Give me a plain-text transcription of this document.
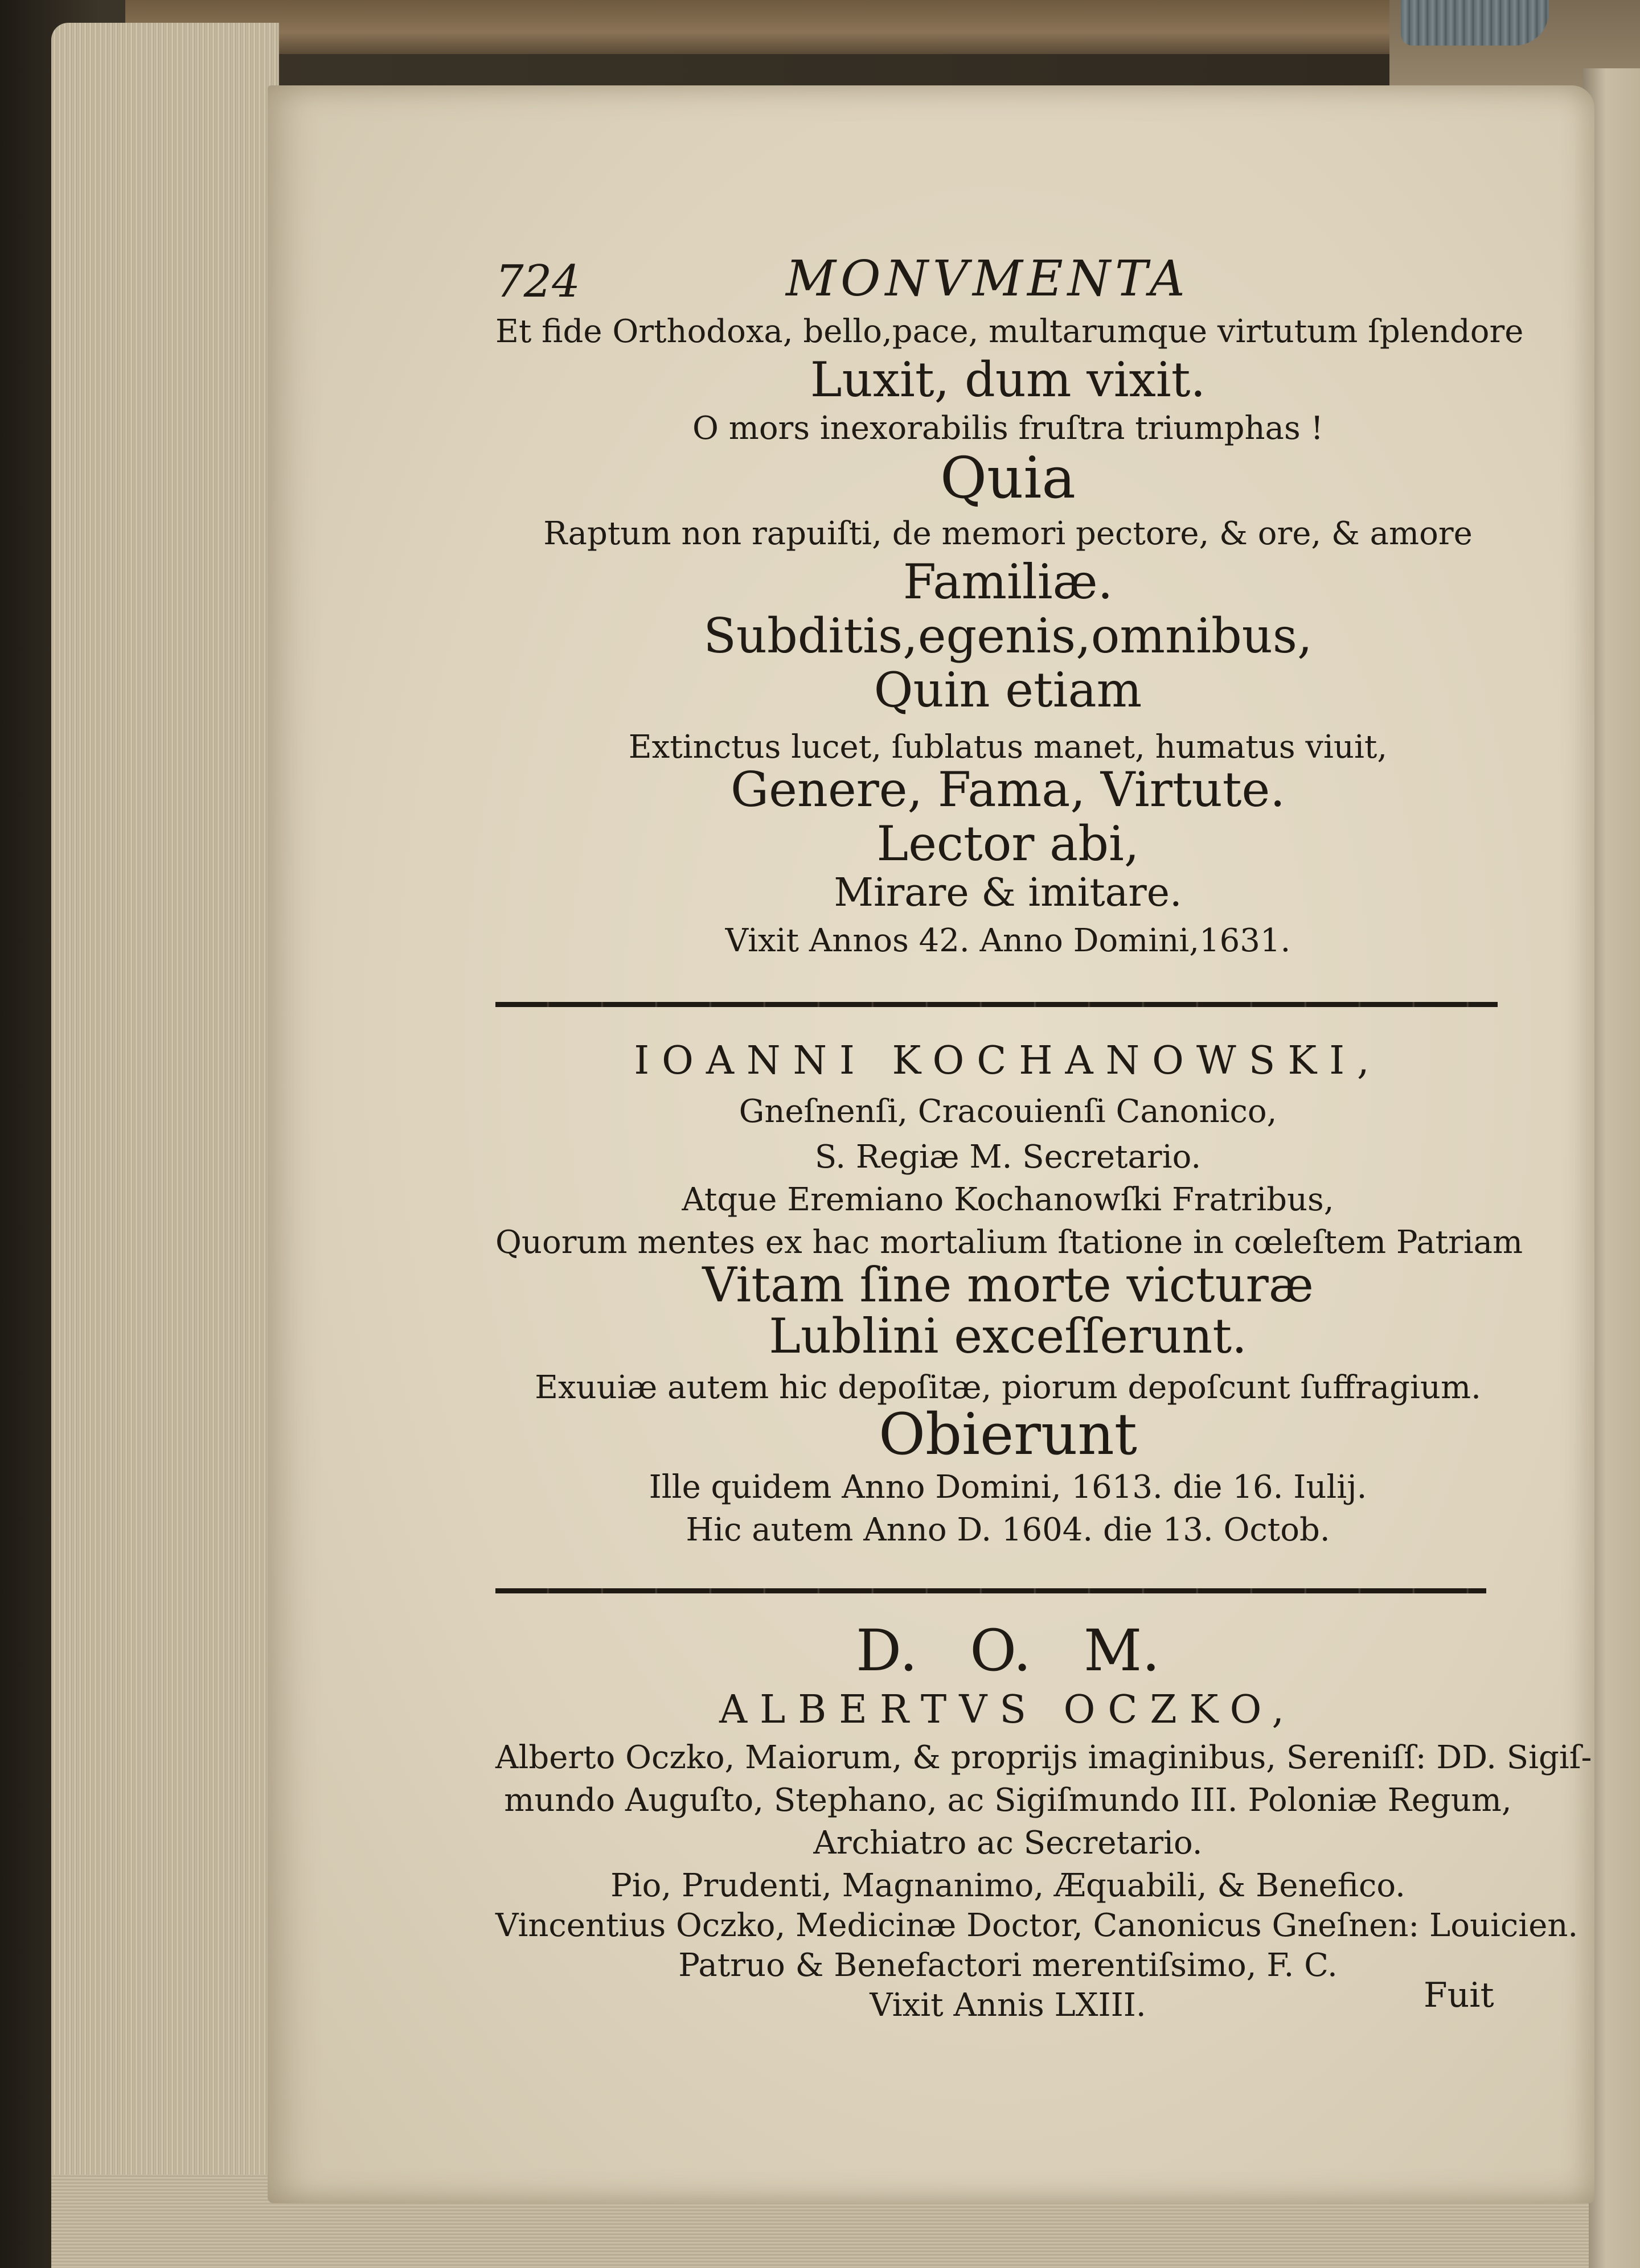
724	MONVMENTA
Et fide Orthodoxa, bello,pace, multarumque virtutum ſplendore
Luxit, dum vixit.
O mors inexorabilis fruſtra triumphas !
Quia
Raptum non rapuiſti, de memori pectore, & ore, & amore
Familiæ.
Subditis,egenis,omnibus,
Quin etiam
Extinctus lucet, ſublatus manet, humatus viuit,
Genere, Fama, Virtute.
Lector abi,
Mirare & imitare.
Vixit Annos 42. Anno Domini,1631.
IOANNI KOCHANOWSKI,
Gneſnenſi, Cracouienſi Canonico,
S. Regiæ M. Secretario.
Atque Eremiano Kochanowſki Fratribus,
Quorum mentes ex hac mortalium ſtatione in cœleſtem Patriam
Vitam ſine morte victuræ
Lublini exceſſerunt.
Exuuiæ autem hic depoſitæ, piorum depoſcunt ſuffragium.
Obierunt
Ille quidem Anno Domini, 1613. die 16. Iulij.
Hic autem Anno D. 1604. die 13. Octob.
D. O. M.
ALBERTVS OCZKO,
Alberto Oczko, Maiorum, & proprijs imaginibus, Sereniſſ: DD. Sigiſ-
mundo Auguſto, Stephano, ac Sigiſmundo III. Poloniæ Regum,
Archiatro ac Secretario.
Pio, Prudenti, Magnanimo, Æquabili, & Benefico.
Vincentius Oczko, Medicinæ Doctor, Canonicus Gneſnen: Louicien.
Patruo & Benefactori merentiſsimo, F. C.
Vixit Annis LXIII.	Fuit
